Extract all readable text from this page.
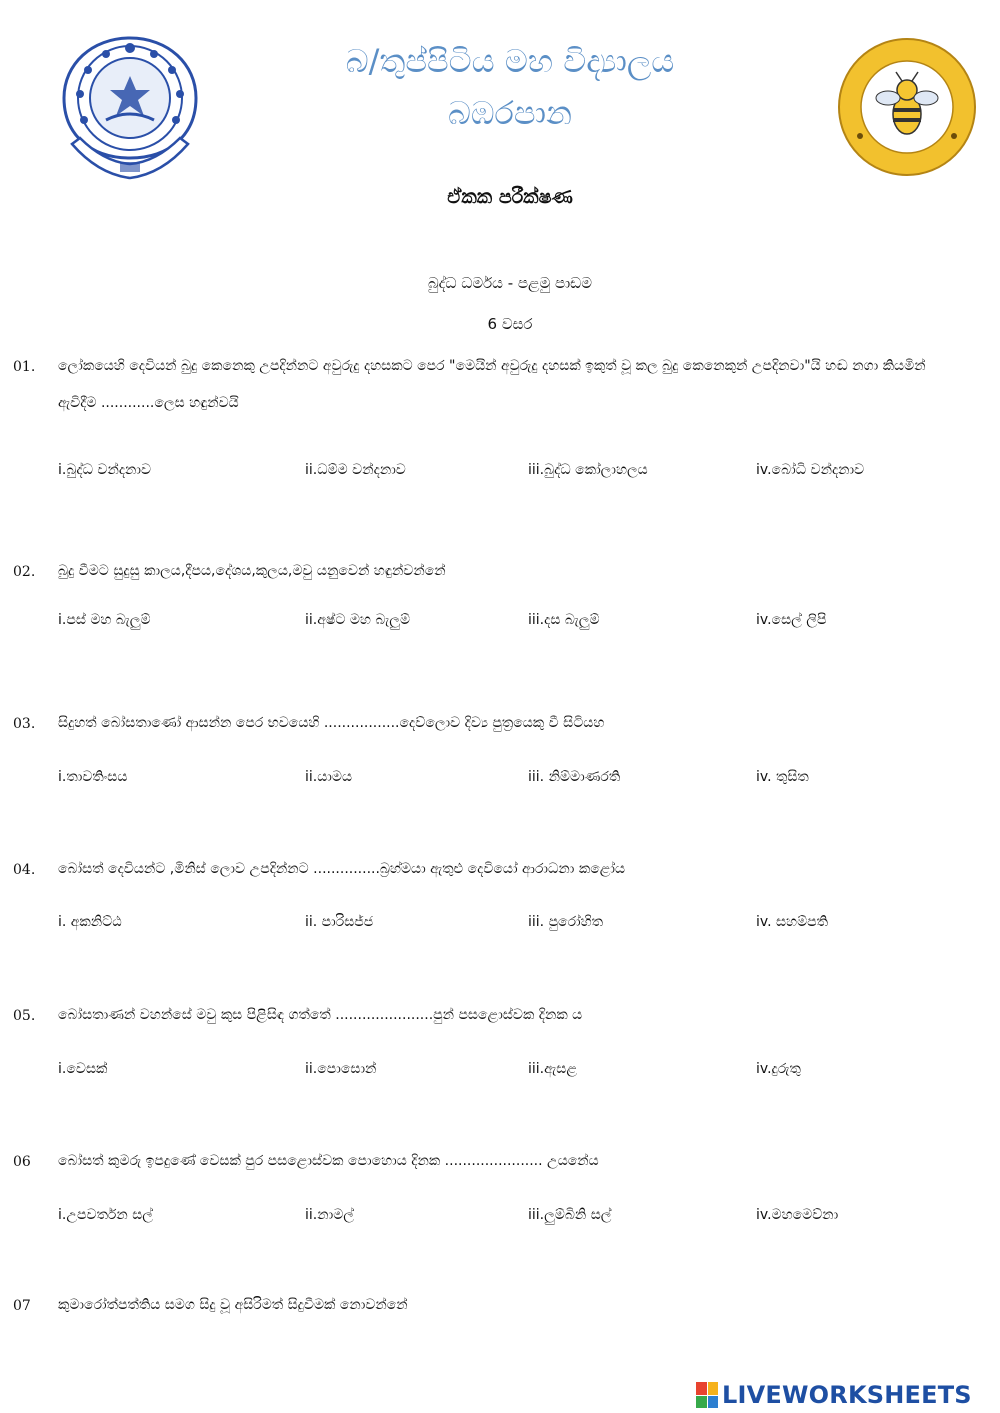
බ/තුප්පිටිය මහ විද්‍යාලය
බඹරපාන
ඒකක පරීක්ෂණ
බුද්ධ ධර්මය - පළමු පාඩම
6 වසර
01. ලෝකයෙහි දෙවියන් බුදු කෙනෙකු උපදින්නට අවුරුදු දහසකට පෙර "මෙයින් අවුරුදු දහසක් ඉකුත් වූ කල බුදු කෙනෙකුන් උපදිනවා"යි හඬ නගා කියමින් ඇවිදීම ............ලෙස හඳුන්වයි
i.බුද්ධ වන්දනාව	ii.ධම්ම වන්දනාව	iii.බුද්ධ කෝලාහලය	iv.බෝධි වන්දනාව
02. බුදු වීමට සුදුසු කාලය,දීපය,දේශය,කුලය,මවු යනුවෙන් හඳුන්වන්නේ
i.පස් මහ බැලුම්	ii.අෂ්ට මහ බැලුම්	iii.දස බැලුම්	iv.සෙල් ලිපි
03. සිදුහත් බෝසතාණෝ ආසන්න පෙර භවයෙහි .................දෙව්ලොව දිව්‍ය පුත්‍රයෙකු වී සිටියහ
i.තාවතිංසය	ii.යාමය	iii. නිම්මාණරති	iv. තුසිත
04. බෝසත් දෙවියන්ට ,මිනිස් ලොව උපදින්නට ...............බ්‍රහ්මයා ඇතුළු දෙවියෝ ආරාධනා කළෝය
i. අකනිට්ඨ	ii. පාරිසජ්ජ	iii. පුරෝහිත	iv. සහම්පති
05. බෝසතාණන් වහන්සේ මවු කුස පිළිසිඳ ගත්තේ ......................පුන් පසළොස්වක දිනක ය
i.වෙසක්	ii.පොසොන්	iii.ඇසළ	iv.දුරුතු
06 බෝසත් කුමරු ඉපදුණේ වෙසක් පුර පසළොස්වක පොහොය දිනක ...................... උයනේය
i.උපවර්තන සල්	ii.නාමල්	iii.ලුම්බිනි සල්	iv.මහමෙව්නා
07 කුමාරෝත්පත්තිය සමග සිදු වූ අසිරිමත් සිදුවීමක් නොවන්නේ
LIVEWORKSHEETS
